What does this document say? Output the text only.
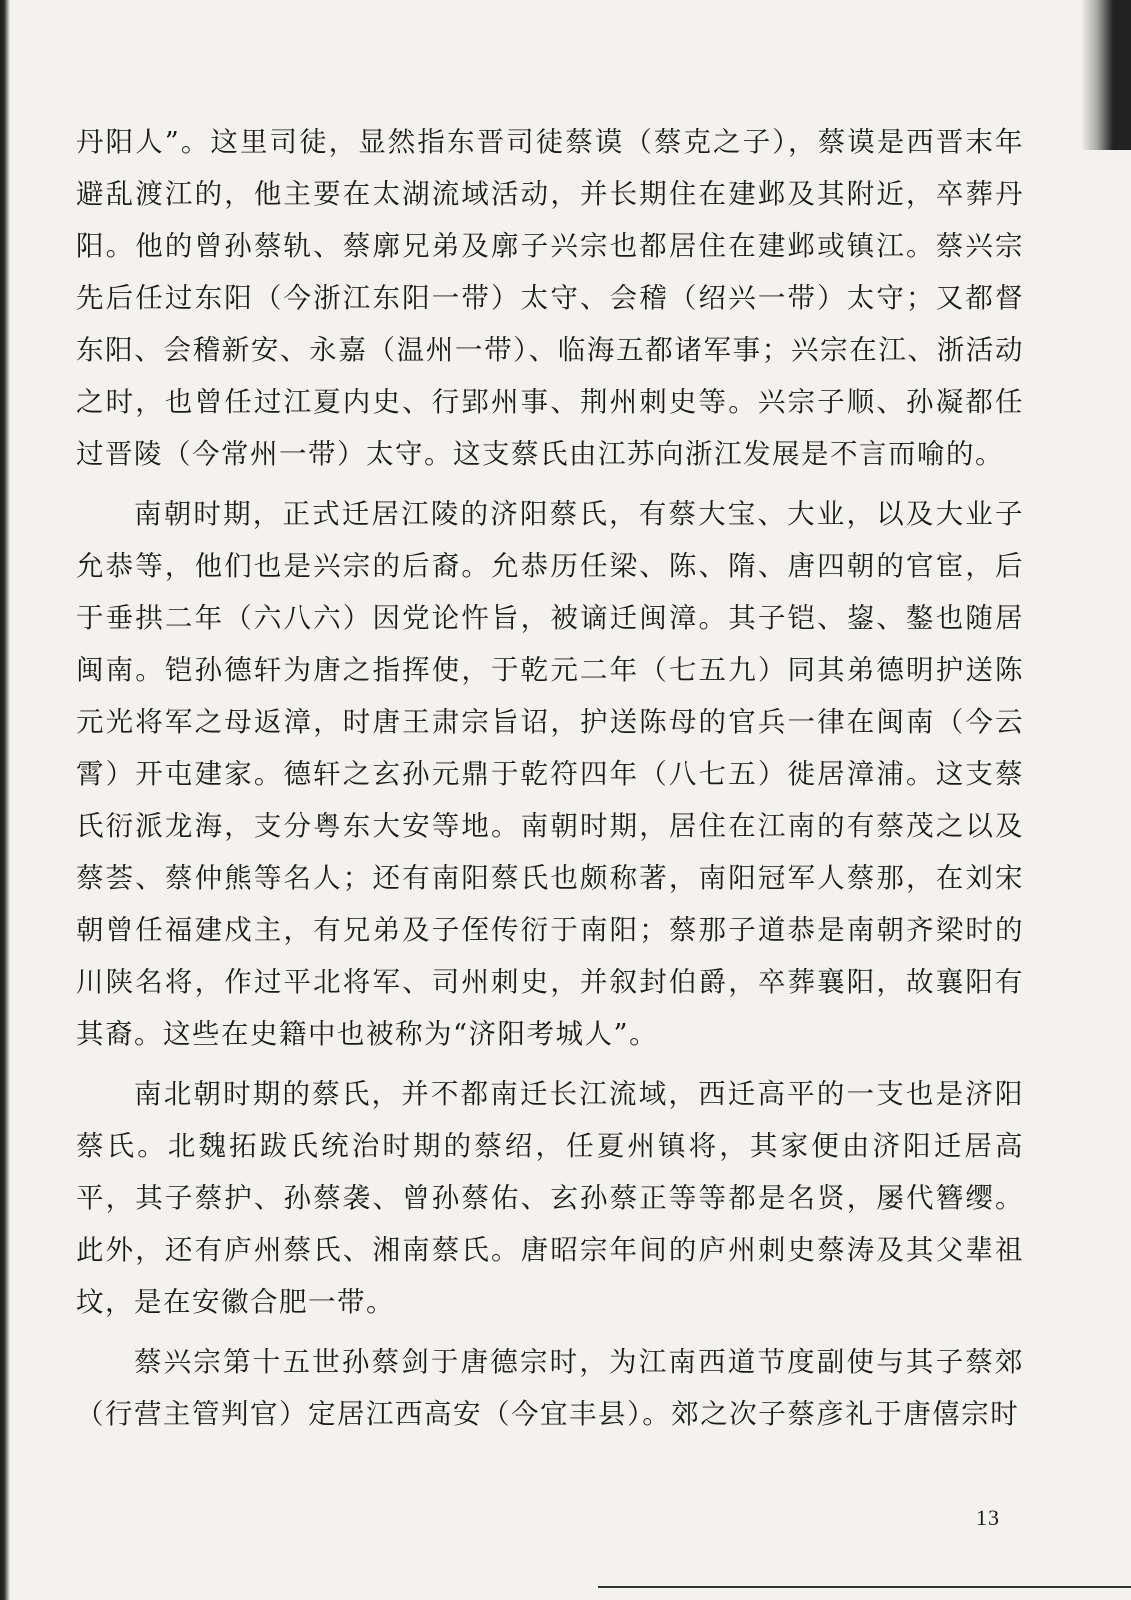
丹阳人”。这里司徒，显然指东晋司徒蔡谟（蔡克之子），蔡谟是西晋末年避乱渡江的，他主要在太湖流域活动，并长期住在建邺及其附近，卒葬丹阳。他的曾孙蔡轨、蔡廓兄弟及廓子兴宗也都居住在建邺或镇江。蔡兴宗先后任过东阳（今浙江东阳一带）太守、会稽（绍兴一带）太守；又都督东阳、会稽新安、永嘉（温州一带）、临海五都诸军事；兴宗在江、浙活动之时，也曾任过江夏内史、行郢州事、荆州刺史等。兴宗子顺、孙凝都任过晋陵（今常州一带）太守。这支蔡氏由江苏向浙江发展是不言而喻的。

南朝时期，正式迁居江陵的济阳蔡氏，有蔡大宝、大业，以及大业子允恭等，他们也是兴宗的后裔。允恭历任梁、陈、隋、唐四朝的官宦，后于垂拱二年（六八六）因党论忤旨，被谪迁闽漳。其子铠、鋆、鏊也随居闽南。铠孙德轩为唐之指挥使，于乾元二年（七五九）同其弟德明护送陈元光将军之母返漳，时唐王肃宗旨诏，护送陈母的官兵一律在闽南（今云霄）开屯建家。德轩之玄孙元鼎于乾符四年（八七五）徙居漳浦。这支蔡氏衍派龙海，支分粤东大安等地。南朝时期，居住在江南的有蔡茂之以及蔡荟、蔡仲熊等名人；还有南阳蔡氏也颇称著，南阳冠军人蔡那，在刘宋朝曾任福建戍主，有兄弟及子侄传衍于南阳；蔡那子道恭是南朝齐梁时的川陕名将，作过平北将军、司州刺史，并叙封伯爵，卒葬襄阳，故襄阳有其裔。这些在史籍中也被称为“济阳考城人”。

南北朝时期的蔡氏，并不都南迁长江流域，西迁高平的一支也是济阳蔡氏。北魏拓跋氏统治时期的蔡绍，任夏州镇将，其家便由济阳迁居高平，其子蔡护、孙蔡袭、曾孙蔡佑、玄孙蔡正等等都是名贤，屡代簪缨。此外，还有庐州蔡氏、湘南蔡氏。唐昭宗年间的庐州刺史蔡涛及其父辈祖坟，是在安徽合肥一带。

蔡兴宗第十五世孙蔡剑于唐德宗时，为江南西道节度副使与其子蔡郊（行营主管判官）定居江西高安（今宜丰县）。郊之次子蔡彦礼于唐僖宗时

13
